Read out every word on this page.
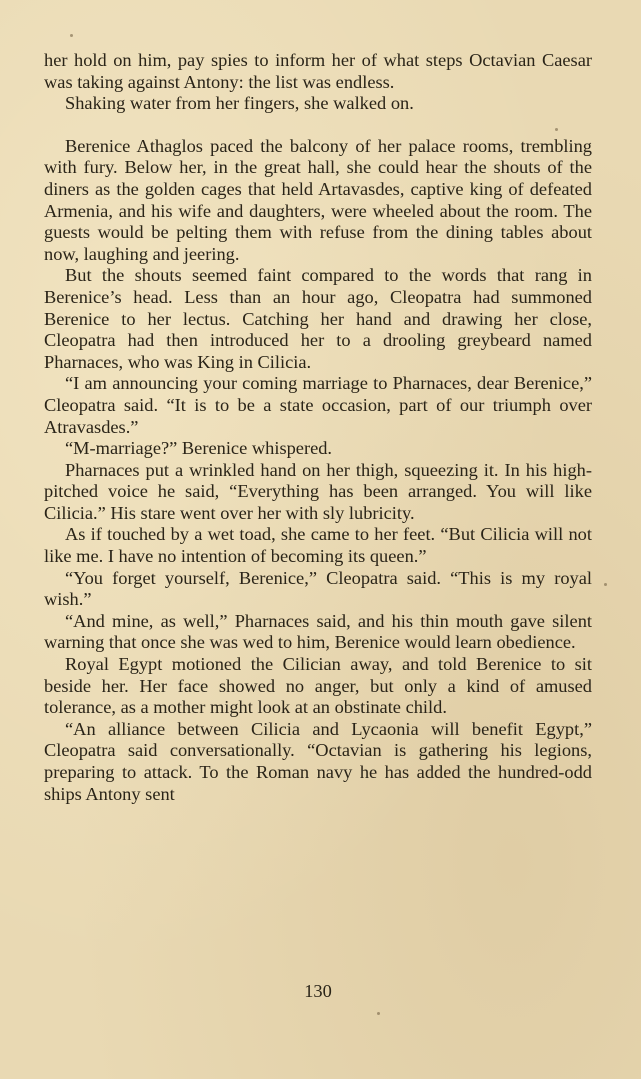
her hold on him, pay spies to inform her of what steps Octavian Caesar was taking against Antony: the list was endless.

Shaking water from her fingers, she walked on.

Berenice Athaglos paced the balcony of her palace rooms, trembling with fury. Below her, in the great hall, she could hear the shouts of the diners as the golden cages that held Artavasdes, captive king of defeated Armenia, and his wife and daughters, were wheeled about the room. The guests would be pelting them with refuse from the dining tables about now, laughing and jeering.

But the shouts seemed faint compared to the words that rang in Berenice’s head. Less than an hour ago, Cleopatra had summoned Berenice to her lectus. Catching her hand and drawing her close, Cleopatra had then introduced her to a drooling greybeard named Pharnaces, who was King in Cilicia.

“I am announcing your coming marriage to Pharnaces, dear Berenice,” Cleopatra said. “It is to be a state occasion, part of our triumph over Atravasdes.”

“M-marriage?” Berenice whispered.

Pharnaces put a wrinkled hand on her thigh, squeezing it. In his high-pitched voice he said, “Everything has been arranged. You will like Cilicia.” His stare went over her with sly lubricity.

As if touched by a wet toad, she came to her feet. “But Cilicia will not like me. I have no intention of becoming its queen.”

“You forget yourself, Berenice,” Cleopatra said. “This is my royal wish.”

“And mine, as well,” Pharnaces said, and his thin mouth gave silent warning that once she was wed to him, Berenice would learn obedience.

Royal Egypt motioned the Cilician away, and told Berenice to sit beside her. Her face showed no anger, but only a kind of amused tolerance, as a mother might look at an obstinate child.

“An alliance between Cilicia and Lycaonia will benefit Egypt,” Cleopatra said conversationally. “Octavian is gathering his legions, preparing to attack. To the Roman navy he has added the hundred-odd ships Antony sent

130
